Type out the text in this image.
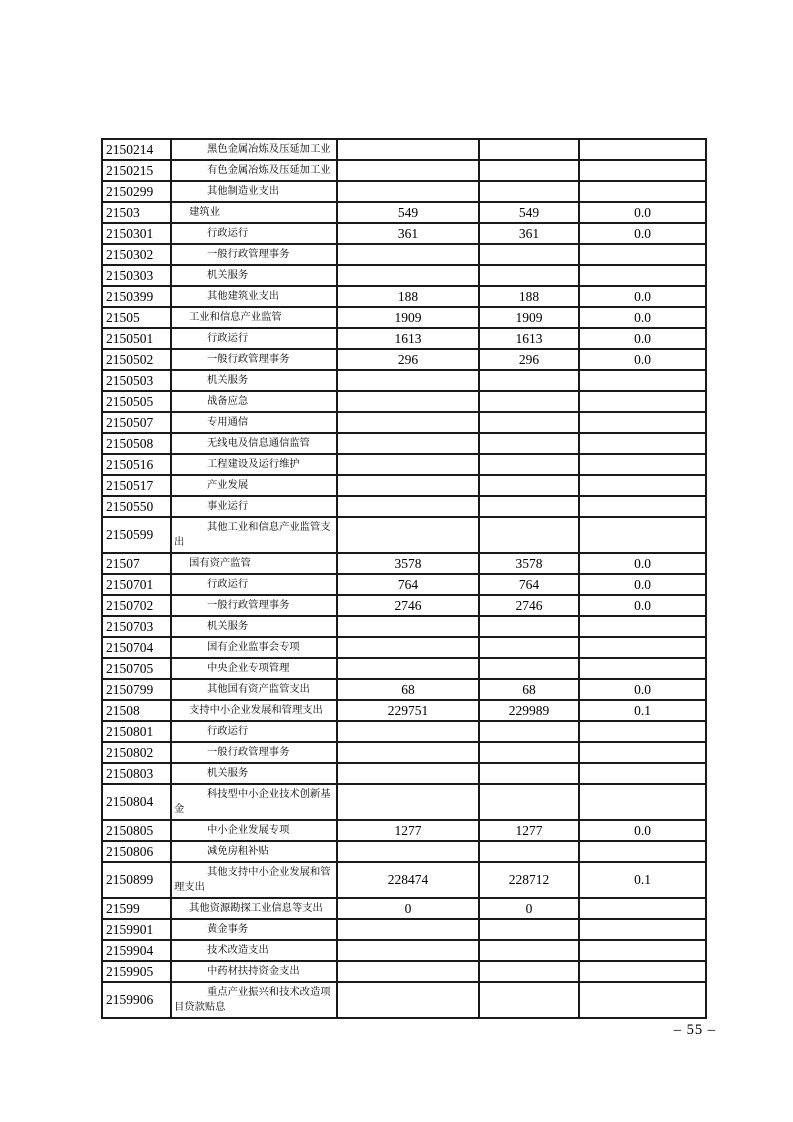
2150214	黑色金属冶炼及压延加工业			

2150215	有色金属冶炼及压延加工业			

2150299	其他制造业支出			

21503	建筑业	549	549	0.0
2150301	行政运行	361	361	0.0
2150302	一般行政管理事务			

2150303	机关服务			

2150399	其他建筑业支出	188	188	0.0
21505	工业和信息产业监管	1909	1909	0.0
2150501	行政运行	1613	1613	0.0
2150502	一般行政管理事务	296	296	0.0
2150503	机关服务			

2150505	战备应急			

2150507	专用通信			

2150508	无线电及信息通信监管			

2150516	工程建设及运行维护			

2150517	产业发展			

2150550	事业运行			

2150599	其他工业和信息产业监管支出			

21507	国有资产监管	3578	3578	0.0
2150701	行政运行	764	764	0.0
2150702	一般行政管理事务	2746	2746	0.0
2150703	机关服务			

2150704	国有企业监事会专项			

2150705	中央企业专项管理			

2150799	其他国有资产监管支出	68	68	0.0
21508	支持中小企业发展和管理支出	229751	229989	0.1
2150801	行政运行			

2150802	一般行政管理事务			

2150803	机关服务			

2150804	科技型中小企业技术创新基金			

2150805	中小企业发展专项	1277	1277	0.0
2150806	减免房租补贴			

2150899	其他支持中小企业发展和管理支出	228474	228712	0.1
21599	其他资源勘探工业信息等支出	0	0	
2159901	黄金事务			

2159904	技术改造支出			

2159905	中药材扶持资金支出			

2159906	重点产业振兴和技术改造项目贷款贴息			

– 55 –
